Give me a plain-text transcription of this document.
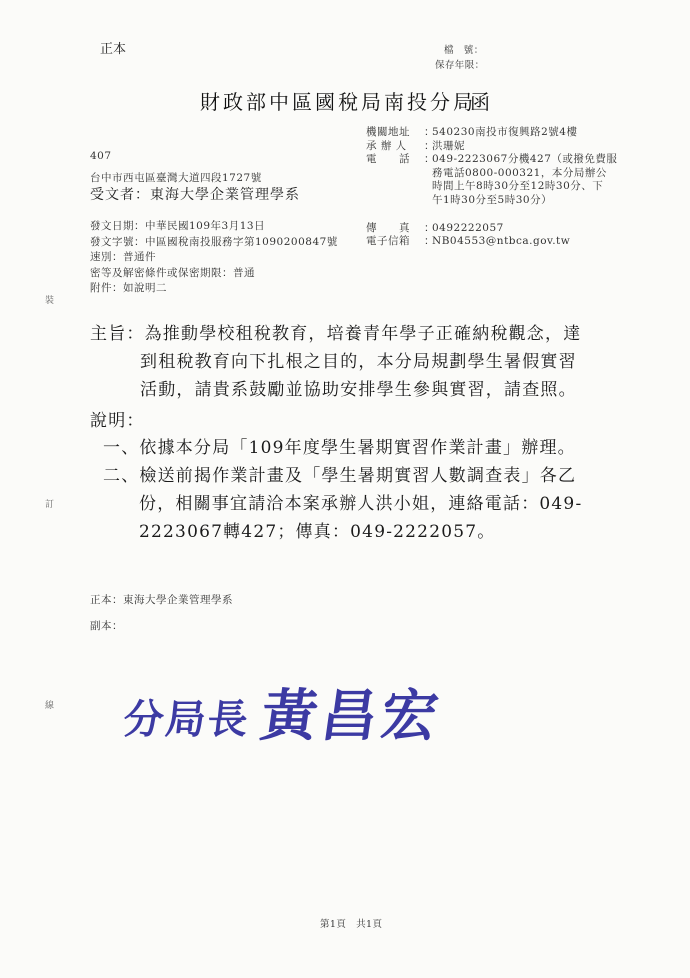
正本	檔　號：
保存年限：
財政部中區國稅局南投分局
函
機關地址 ：540230南投市復興路2號4樓
承 辦 人 ：洪珊妮
電　　話 ：049-2223067分機427（或撥免費服
務電話0800-000321，本分局辦公
時間上午8時30分至12時30分、下
午1時30分至5時30分）
傳　　真 ：0492222057
電子信箱 ：NB04553@ntbca.gov.tw
407
台中市西屯區臺灣大道四段1727號
受文者：東海大學企業管理學系
發文日期：中華民國109年3月13日
發文字號：中區國稅南投服務字第1090200847號
速別：普通件
密等及解密條件或保密期限：普通
附件：如說明二
主旨：為推動學校租稅教育，培養青年學子正確納稅觀念，達
到租稅教育向下扎根之目的，本分局規劃學生暑假實習
活動，請貴系鼓勵並協助安排學生參與實習，請查照。
說明：
一、依據本分局「109年度學生暑期實習作業計畫」辦理。
二、檢送前揭作業計畫及「學生暑期實習人數調查表」各乙
份，相關事宜請洽本案承辦人洪小姐，連絡電話：049-
2223067轉427；傳真：049-2222057。
正本：東海大學企業管理學系
副本：
分局長 黃昌宏
裝
訂
線
第1頁　共1頁
